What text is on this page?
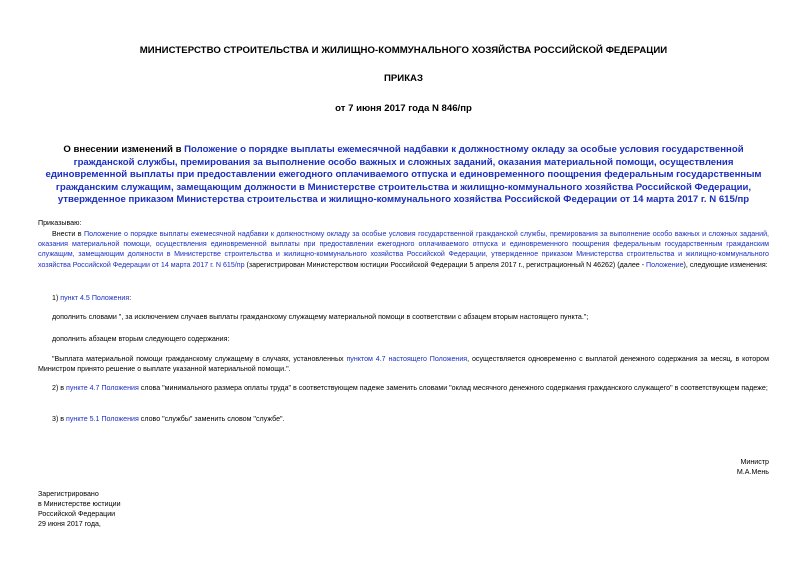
МИНИСТЕРСТВО СТРОИТЕЛЬСТВА И ЖИЛИЩНО-КОММУНАЛЬНОГО ХОЗЯЙСТВА РОССИЙСКОЙ ФЕДЕРАЦИИ
ПРИКАЗ
от 7 июня 2017 года N 846/пр
О внесении изменений в Положение о порядке выплаты ежемесячной надбавки к должностному окладу за особые условия государственной гражданской службы, премирования за выполнение особо важных и сложных заданий, оказания материальной помощи, осуществления единовременной выплаты при предоставлении ежегодного оплачиваемого отпуска и единовременного поощрения федеральным государственным гражданским служащим, замещающим должности в Министерстве строительства и жилищно-коммунального хозяйства Российской Федерации, утвержденное приказом Министерства строительства и жилищно-коммунального хозяйства Российской Федерации от 14 марта 2017 г. N 615/пр
Приказываю:
Внести в Положение о порядке выплаты ежемесячной надбавки к должностному окладу за особые условия государственной гражданской службы, премирования за выполнение особо важных и сложных заданий, оказания материальной помощи, осуществления единовременной выплаты при предоставлении ежегодного оплачиваемого отпуска и единовременного поощрения федеральным государственным гражданским служащим, замещающим должности в Министерстве строительства и жилищно-коммунального хозяйства Российской Федерации, утвержденное приказом Министерства строительства и жилищно-коммунального хозяйства Российской Федерации от 14 марта 2017 г. N 615/пр (зарегистрирован Министерством юстиции Российской Федерации 5 апреля 2017 г., регистрационный N 46262) (далее - Положение), следующие изменения:
1) пункт 4.5 Положения:
дополнить словами ", за исключением случаев выплаты гражданскому служащему материальной помощи в соответствии с абзацем вторым настоящего пункта.";
дополнить абзацем вторым следующего содержания:
"Выплата материальной помощи гражданскому служащему в случаях, установленных пунктом 4.7 настоящего Положения, осуществляется одновременно с выплатой денежного содержания за месяц, в котором Министром принято решение о выплате указанной материальной помощи.".
2) в пункте 4.7 Положения слова "минимального размера оплаты труда" в соответствующем падеже заменить словами "оклад месячного денежного содержания гражданского служащего" в соответствующем падеже;
3) в пункте 5.1 Положения слово "службы" заменить словом "службе".
Министр
М.А.Мень
Зарегистрировано
в Министерстве юстиции
Российской Федерации
29 июня 2017 года,
